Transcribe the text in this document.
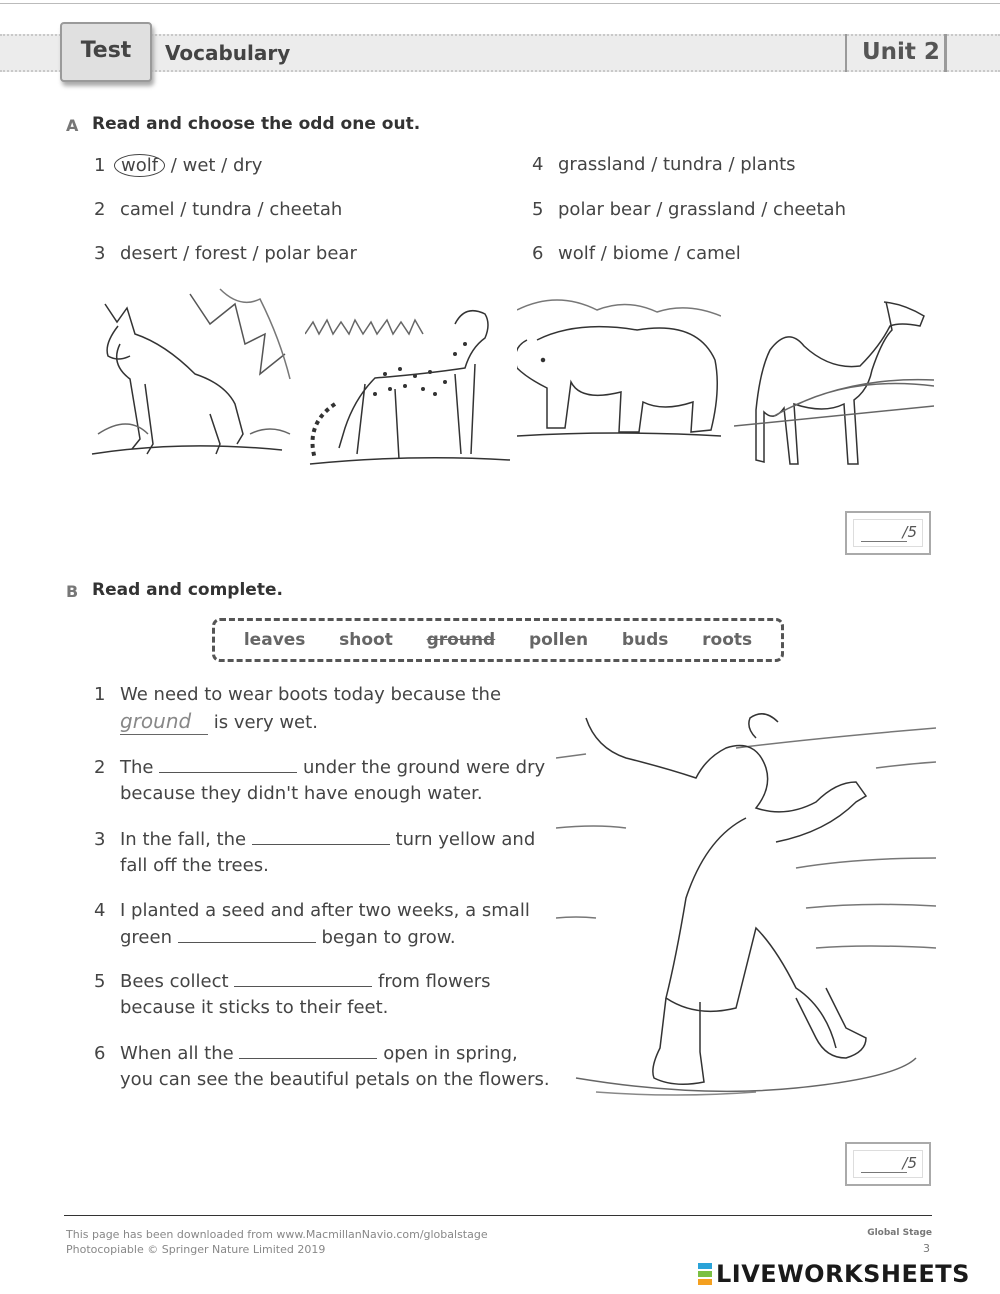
Test	Vocabulary	Unit 2
A Read and choose the odd one out.
1 wolf / wet / dry
2 camel / tundra / cheetah
3 desert / forest / polar bear
4 grassland / tundra / plants
5 polar bear / grassland / cheetah
6 wolf / biome / camel
/5
B Read and complete.
leaves shoot ground pollen buds roots
1 We need to wear boots today because the
ground is very wet.
2 The	under the ground were dry
because they didn't have enough water.
3 In the fall, the	turn yellow and
fall off the trees.
4 I planted a seed and after two weeks, a small
green	began to grow.
5 Bees collect	from flowers
because it sticks to their feet.
6 When all the	open in spring,
you can see the beautiful petals on the flowers.
/5
This page has been downloaded from www.MacmillanNavio.com/globalstage
Photocopiable © Springer Nature Limited 2019
Global Stage
3
LIVEWORKSHEETS
